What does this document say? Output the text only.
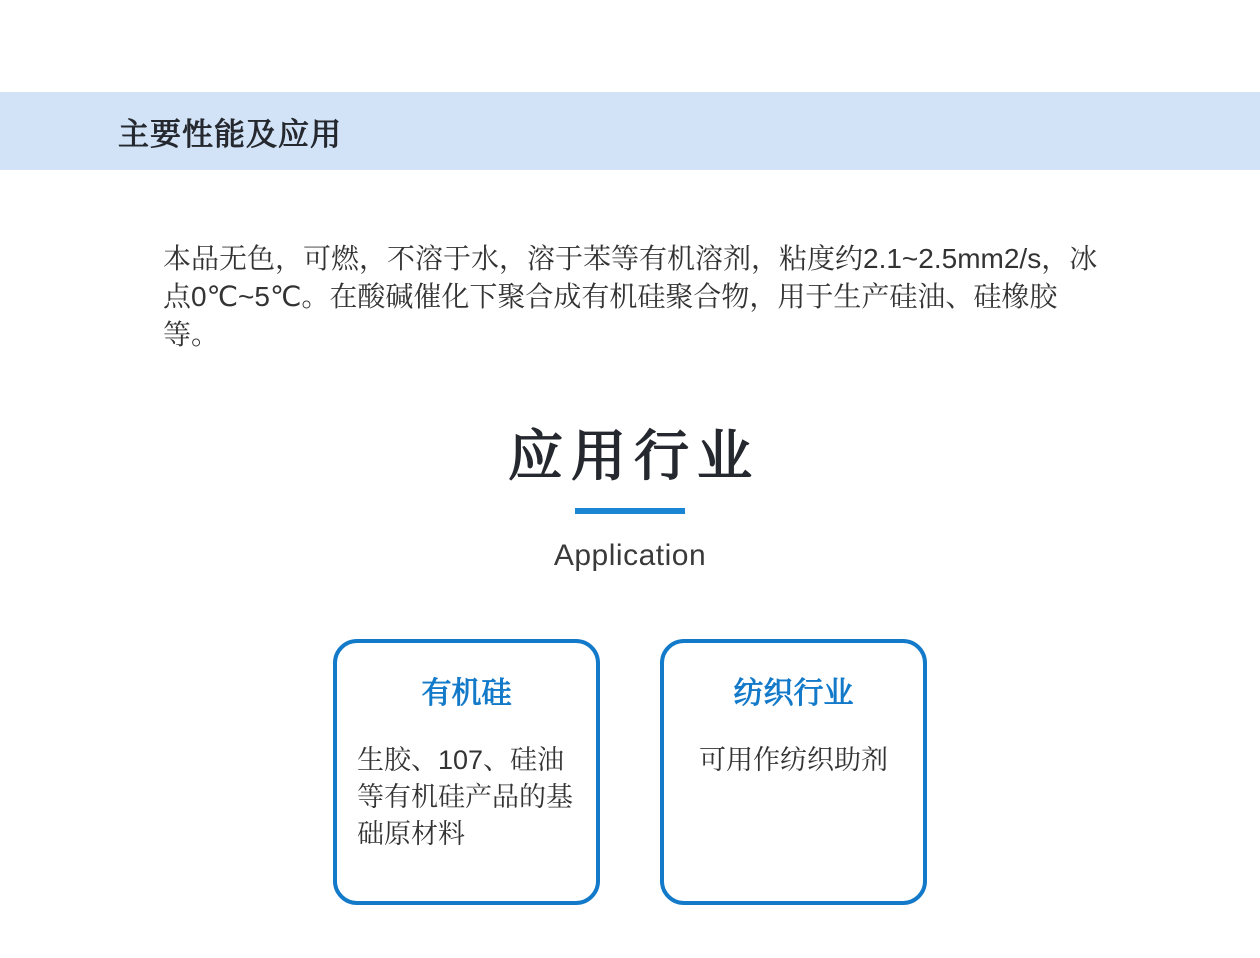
主要性能及应用

本品无色，可燃，不溶于水，溶于苯等有机溶剂，粘度约2.1~2.5mm2/s，冰点0℃~5℃。在酸碱催化下聚合成有机硅聚合物，用于生产硅油、硅橡胶等。

应用行业
Application
有机硅
生胶、107、硅油等有机硅产品的基础原材料
纺织行业
可用作纺织助剂
